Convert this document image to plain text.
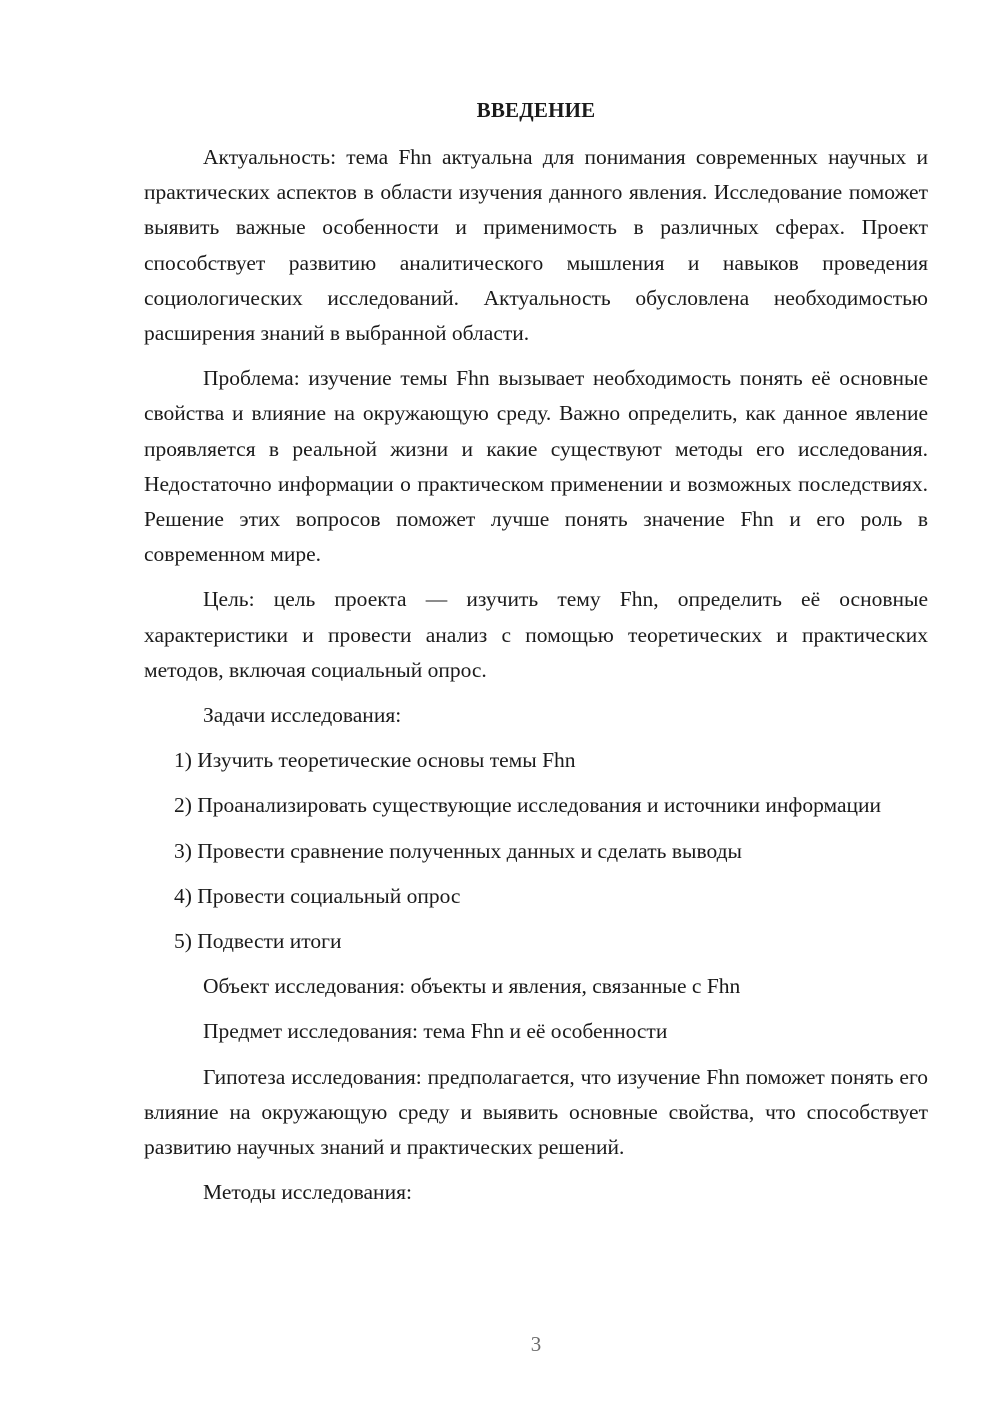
ВВЕДЕНИЕ

Актуальность: тема Fhn актуальна для понимания современных научных и практических аспектов в области изучения данного явления. Исследование поможет выявить важные особенности и применимость в различных сферах. Проект способствует развитию аналитического мышления и навыков проведения социологических исследований. Актуальность обусловлена необходимостью расширения знаний в выбранной области.

Проблема: изучение темы Fhn вызывает необходимость понять её основные свойства и влияние на окружающую среду. Важно определить, как данное явление проявляется в реальной жизни и какие существуют методы его исследования. Недостаточно информации о практическом применении и возможных последствиях. Решение этих вопросов поможет лучше понять значение Fhn и его роль в современном мире.

Цель: цель проекта — изучить тему Fhn, определить её основные характеристики и провести анализ с помощью теоретических и практических методов, включая социальный опрос.

Задачи исследования:

1) Изучить теоретические основы темы Fhn

2) Проанализировать существующие исследования и источники информации

3) Провести сравнение полученных данных и сделать выводы

4) Провести социальный опрос

5) Подвести итоги

Объект исследования: объекты и явления, связанные с Fhn

Предмет исследования: тема Fhn и её особенности

Гипотеза исследования: предполагается, что изучение Fhn поможет понять его влияние на окружающую среду и выявить основные свойства, что способствует развитию научных знаний и практических решений.

Методы исследования:

3
